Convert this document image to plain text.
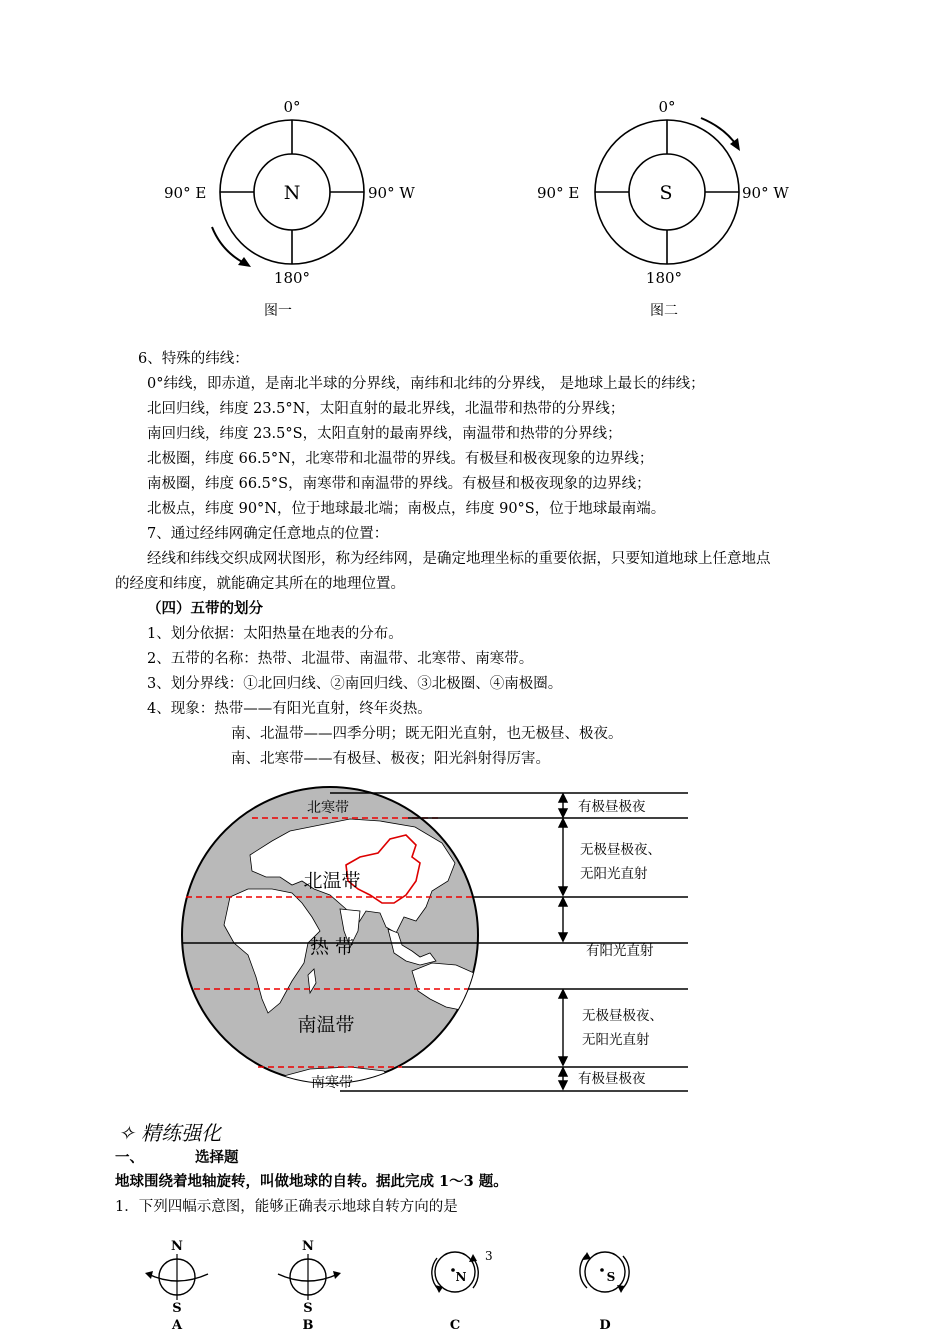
0°
90° E	90° W
180°
N
图一
0°
90° E	90° W
180°
S
图二
6、特殊的纬线：
0°纬线，即赤道，是南北半球的分界线，南纬和北纬的分界线， 是地球上最长的纬线；
北回归线，纬度 23.5°N，太阳直射的最北界线，北温带和热带的分界线；
南回归线，纬度 23.5°S，太阳直射的最南界线，南温带和热带的分界线；
北极圈，纬度 66.5°N，北寒带和北温带的界线。有极昼和极夜现象的边界线；
南极圈，纬度 66.5°S，南寒带和南温带的界线。有极昼和极夜现象的边界线；
北极点，纬度 90°N，位于地球最北端；南极点，纬度 90°S，位于地球最南端。
7、通过经纬网确定任意地点的位置：
经线和纬线交织成网状图形，称为经纬网，是确定地理坐标的重要依据，只要知道地球上任意地点
的经度和纬度，就能确定其所在的地理位置。
（四）五带的划分
1、划分依据：太阳热量在地表的分布。
2、五带的名称：热带、北温带、南温带、北寒带、南寒带。
3、划分界线：①北回归线、②南回归线、③北极圈、④南极圈。
4、现象：热带——有阳光直射，终年炎热。
南、北温带——四季分明；既无阳光直射，也无极昼、极夜。
南、北寒带——有极昼、极夜；阳光斜射得厉害。
北寒带
北温带
热 带
南温带
南寒带
有极昼极夜
无极昼极夜、
无阳光直射
有阳光直射
无极昼极夜、
无阳光直射
有极昼极夜
✧ 精练强化
一、	选择题
地球围绕着地轴旋转，叫做地球的自转。据此完成 1～3 题。
1．下列四幅示意图，能够正确表示地球自转方向的是
N
S
A
N
S
B
N
3
C
S
D
